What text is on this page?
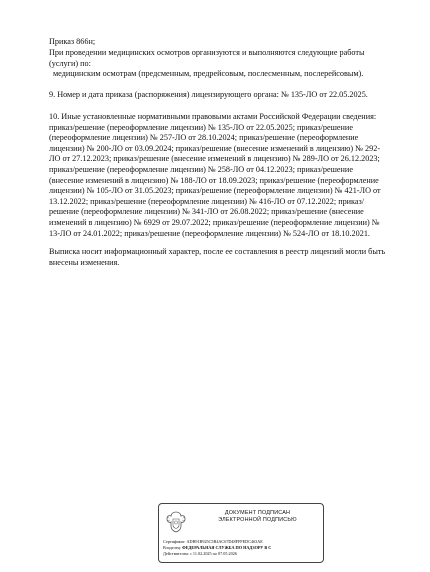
Приказ 866н;
При проведении медицинских осмотров организуются и выполняются следующие работы
(услуги) по:
медицинским осмотрам (предсменным, предрейсовым, послесменным, послерейсовым).
9. Номер и дата приказа (распоряжения) лицензирующего органа: № 135-ЛО от 22.05.2025.
10. Иные установленные нормативными правовыми актами Российской Федерации сведения: приказ/решение (переоформление лицензии) № 135-ЛО от 22.05.2025; приказ/решение (переоформление лицензии) № 257-ЛО от 28.10.2024; приказ/решение (переоформление лицензии) № 200-ЛО от 03.09.2024; приказ/решение (внесение изменений в лицензию) № 292-ЛО от 27.12.2023; приказ/решение (внесение изменений в лицензию) № 289-ЛО от 26.12.2023; приказ/решение (переоформление лицензии) № 258-ЛО от 04.12.2023; приказ/решение (внесение изменений в лицензию) № 188-ЛО от 18.09.2023; приказ/решение (переоформление лицензии) № 105-ЛО от 31.05.2023; приказ/решение (переоформление лицензии) № 421-ЛО от 13.12.2022; приказ/решение (переоформление лицензии) № 416-ЛО от 07.12.2022; приказ/решение (переоформление лицензии) № 341-ЛО от 26.08.2022; приказ/решение (внесение изменений в лицензию) № 6929 от 29.07.2022; приказ/решение (переоформление лицензии) № 13-ЛО от 24.01.2022; приказ/решение (переоформление лицензии) № 524-ЛО от 18.10.2021.
Выписка носит информационный характер, после ее составления в реестр лицензий могли быть внесены изменения.
ДОКУМЕНТ ПОДПИСАН
ЭЛЕКТРОННОЙ ПОДПИСЬЮ
Сертификат: ADB91B925C5B4AC67D48FFFEDC463AE
Владелец: ФЕДЕРАЛЬНАЯ СЛУЖБА ПО НАДЗОРУ В С
Действителен: с 11.02.2025 по 07.05.2026
